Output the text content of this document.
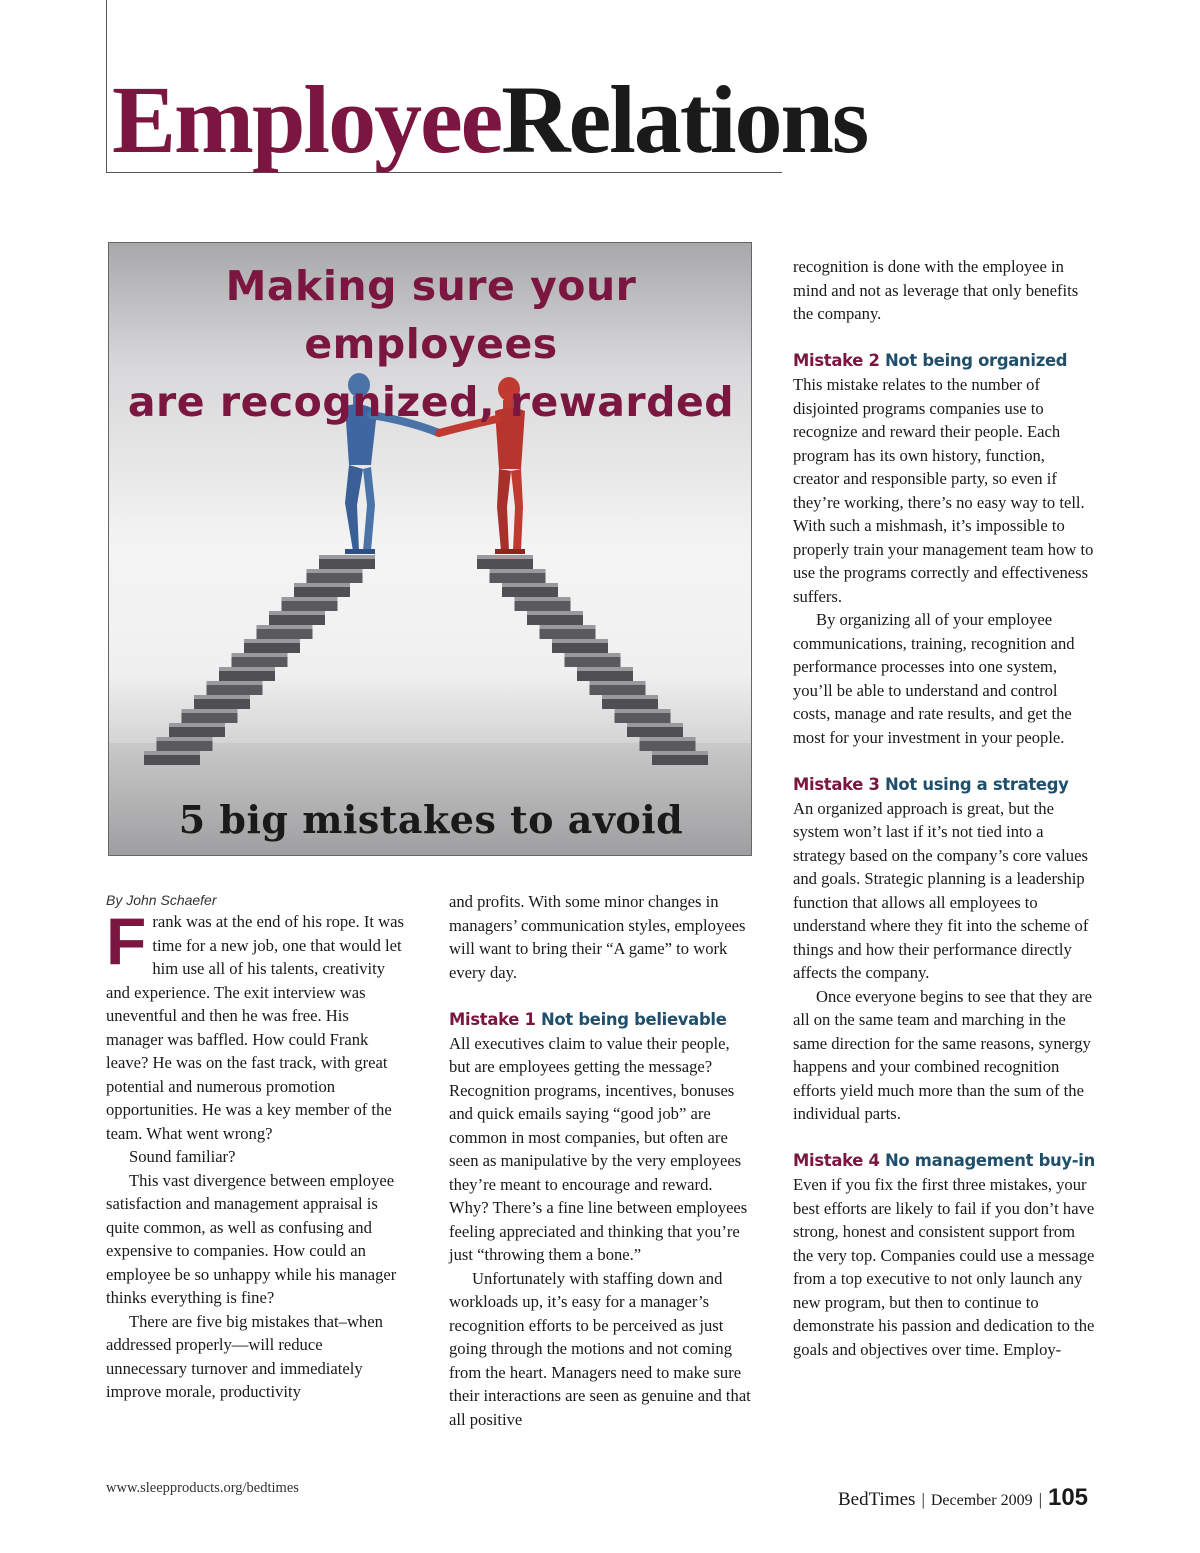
EmployeeRelations
Making sure your employees
are recognized, rewarded
5 big mistakes to avoid
By John Schaefer

Frank was at the end of his rope. It was time for a new job, one that would let him use all of his talents, creativity and experience. The exit interview was uneventful and then he was free. His manager was baffled. How could Frank leave? He was on the fast track, with great potential and numerous promotion opportunities. He was a key member of the team. What went wrong?

Sound familiar?

This vast divergence between employee satisfaction and management appraisal is quite common, as well as confusing and expensive to companies. How could an employee be so unhappy while his manager thinks everything is fine?

There are five big mistakes that–when addressed properly—will reduce unnecessary turnover and immediately improve morale, productivity

and profits. With some minor changes in managers’ communication styles, employees will want to bring their “A game” to work every day.

Mistake 1 Not being believable

All executives claim to value their people, but are employees getting the message? Recognition programs, incentives, bonuses and quick emails saying “good job” are common in most companies, but often are seen as manipulative by the very employees they’re meant to encourage and reward. Why? There’s a fine line between employees feeling appreciated and thinking that you’re just “throwing them a bone.”

Unfortunately with staffing down and workloads up, it’s easy for a manager’s recognition efforts to be perceived as just going through the motions and not coming from the heart. Managers need to make sure their interactions are seen as genuine and that all positive

recognition is done with the employee in mind and not as leverage that only benefits the company.

Mistake 2 Not being organized

This mistake relates to the number of disjointed programs companies use to recognize and reward their people. Each program has its own history, function, creator and responsible party, so even if they’re working, there’s no easy way to tell. With such a mishmash, it’s impossible to properly train your management team how to use the programs correctly and effectiveness suffers.

By organizing all of your employee communications, training, recognition and performance processes into one system, you’ll be able to understand and control costs, manage and rate results, and get the most for your investment in your people.

Mistake 3 Not using a strategy

An organized approach is great, but the system won’t last if it’s not tied into a strategy based on the company’s core values and goals. Strategic planning is a leadership function that allows all employees to understand where they fit into the scheme of things and how their performance directly affects the company.

Once everyone begins to see that they are all on the same team and marching in the same direction for the same reasons, synergy happens and your combined recognition efforts yield much more than the sum of the individual parts.

Mistake 4 No management buy-in

Even if you fix the first three mistakes, your best efforts are likely to fail if you don’t have strong, honest and consistent support from the very top. Companies could use a message from a top executive to not only launch any new program, but then to continue to demonstrate his passion and dedication to the goals and objectives over time. Employ-

www.sleepproducts.org/bedtimes
BedTimes | December 2009 | 105
